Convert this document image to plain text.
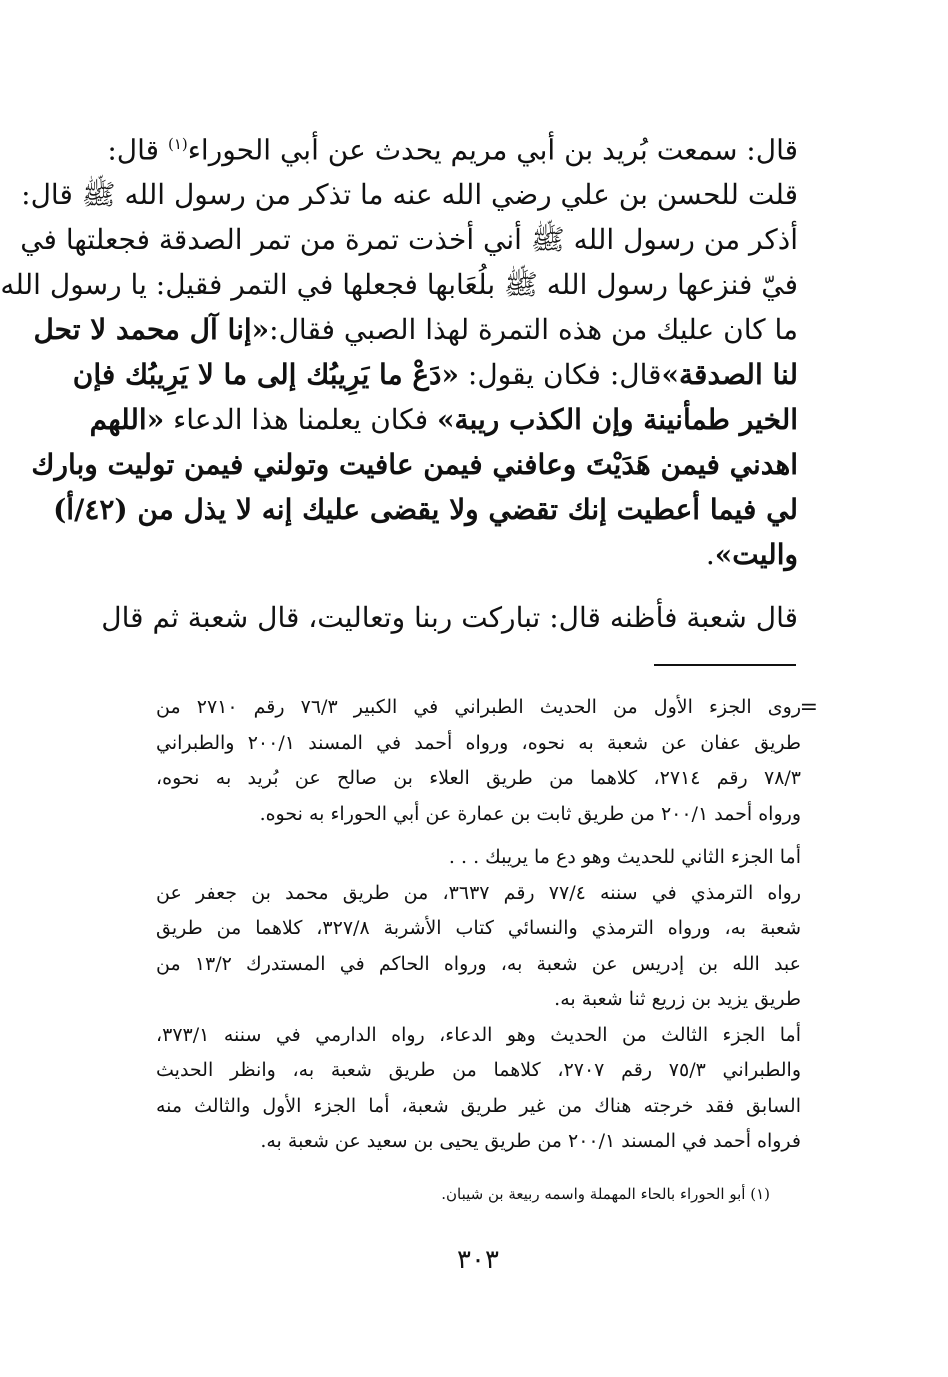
قال: سمعت بُريد بن أبي مريم يحدث عن أبي الحوراء$^{(١)}$ قال:
قلت للحسن بن علي رضي الله عنه ما تذكر من رسول الله ﷺ قال:
أذكر من رسول الله ﷺ أني أخذت تمرة من تمر الصدقة فجعلتها في
فيّ فنزعها رسول الله ﷺ بلُعَابها فجعلها في التمر فقيل: يا رسول الله
ما كان عليك من هذه التمرة لهذا الصبي فقال:«إنا آل محمد لا تحل
لنا الصدقة»قال: فكان يقول: «دَعْ ما يَرِيبُك إلى ما لا يَرِيبُك فإن
الخير طمأنينة وإن الكذب ريبة» فكان يعلمنا هذا الدعاء «اللهم
اهدني فيمن هَدَيْتَ وعافني فيمن عافيت وتولني فيمن توليت وبارك
لي فيما أعطيت إنك تقضي ولا يقضى عليك إنه لا يذل من (٤٢/أ)
واليت».
قال شعبة فأظنه قال: تباركت ربنا وتعاليت، قال شعبة ثم قال
=
روى الجزء الأول من الحديث الطبراني في الكبير ٧٦/٣ رقم ٢٧١٠ من
طريق عفان عن شعبة به نحوه، ورواه أحمد في المسند ٢٠٠/١ والطبراني
٧٨/٣ رقم ٢٧١٤، كلاهما من طريق العلاء بن صالح عن بُريد به نحوه،
ورواه أحمد ٢٠٠/١ من طريق ثابت بن عمارة عن أبي الحوراء به نحوه.
أما الجزء الثاني للحديث وهو دع ما يريبك . . .
رواه الترمذي في سننه ٧٧/٤ رقم ٣٦٣٧، من طريق محمد بن جعفر عن
شعبة به، ورواه الترمذي والنسائي كتاب الأشربة ٣٢٧/٨، كلاهما من طريق
عبد الله بن إدريس عن شعبة به، ورواه الحاكم في المستدرك ١٣/٢ من
طريق يزيد بن زريع ثنا شعبة به.
أما الجزء الثالث من الحديث وهو الدعاء، رواه الدارمي في سننه ٣٧٣/١،
والطبراني ٧٥/٣ رقم ٢٧٠٧، كلاهما من طريق شعبة به، وانظر الحديث
السابق فقد خرجته هناك من غير طريق شعبة، أما الجزء الأول والثالث منه
فرواه أحمد في المسند ٢٠٠/١ من طريق يحيى بن سعيد عن شعبة به.
(١) أبو الحوراء بالحاء المهملة واسمه ربيعة بن شيبان.
٣٠٣
